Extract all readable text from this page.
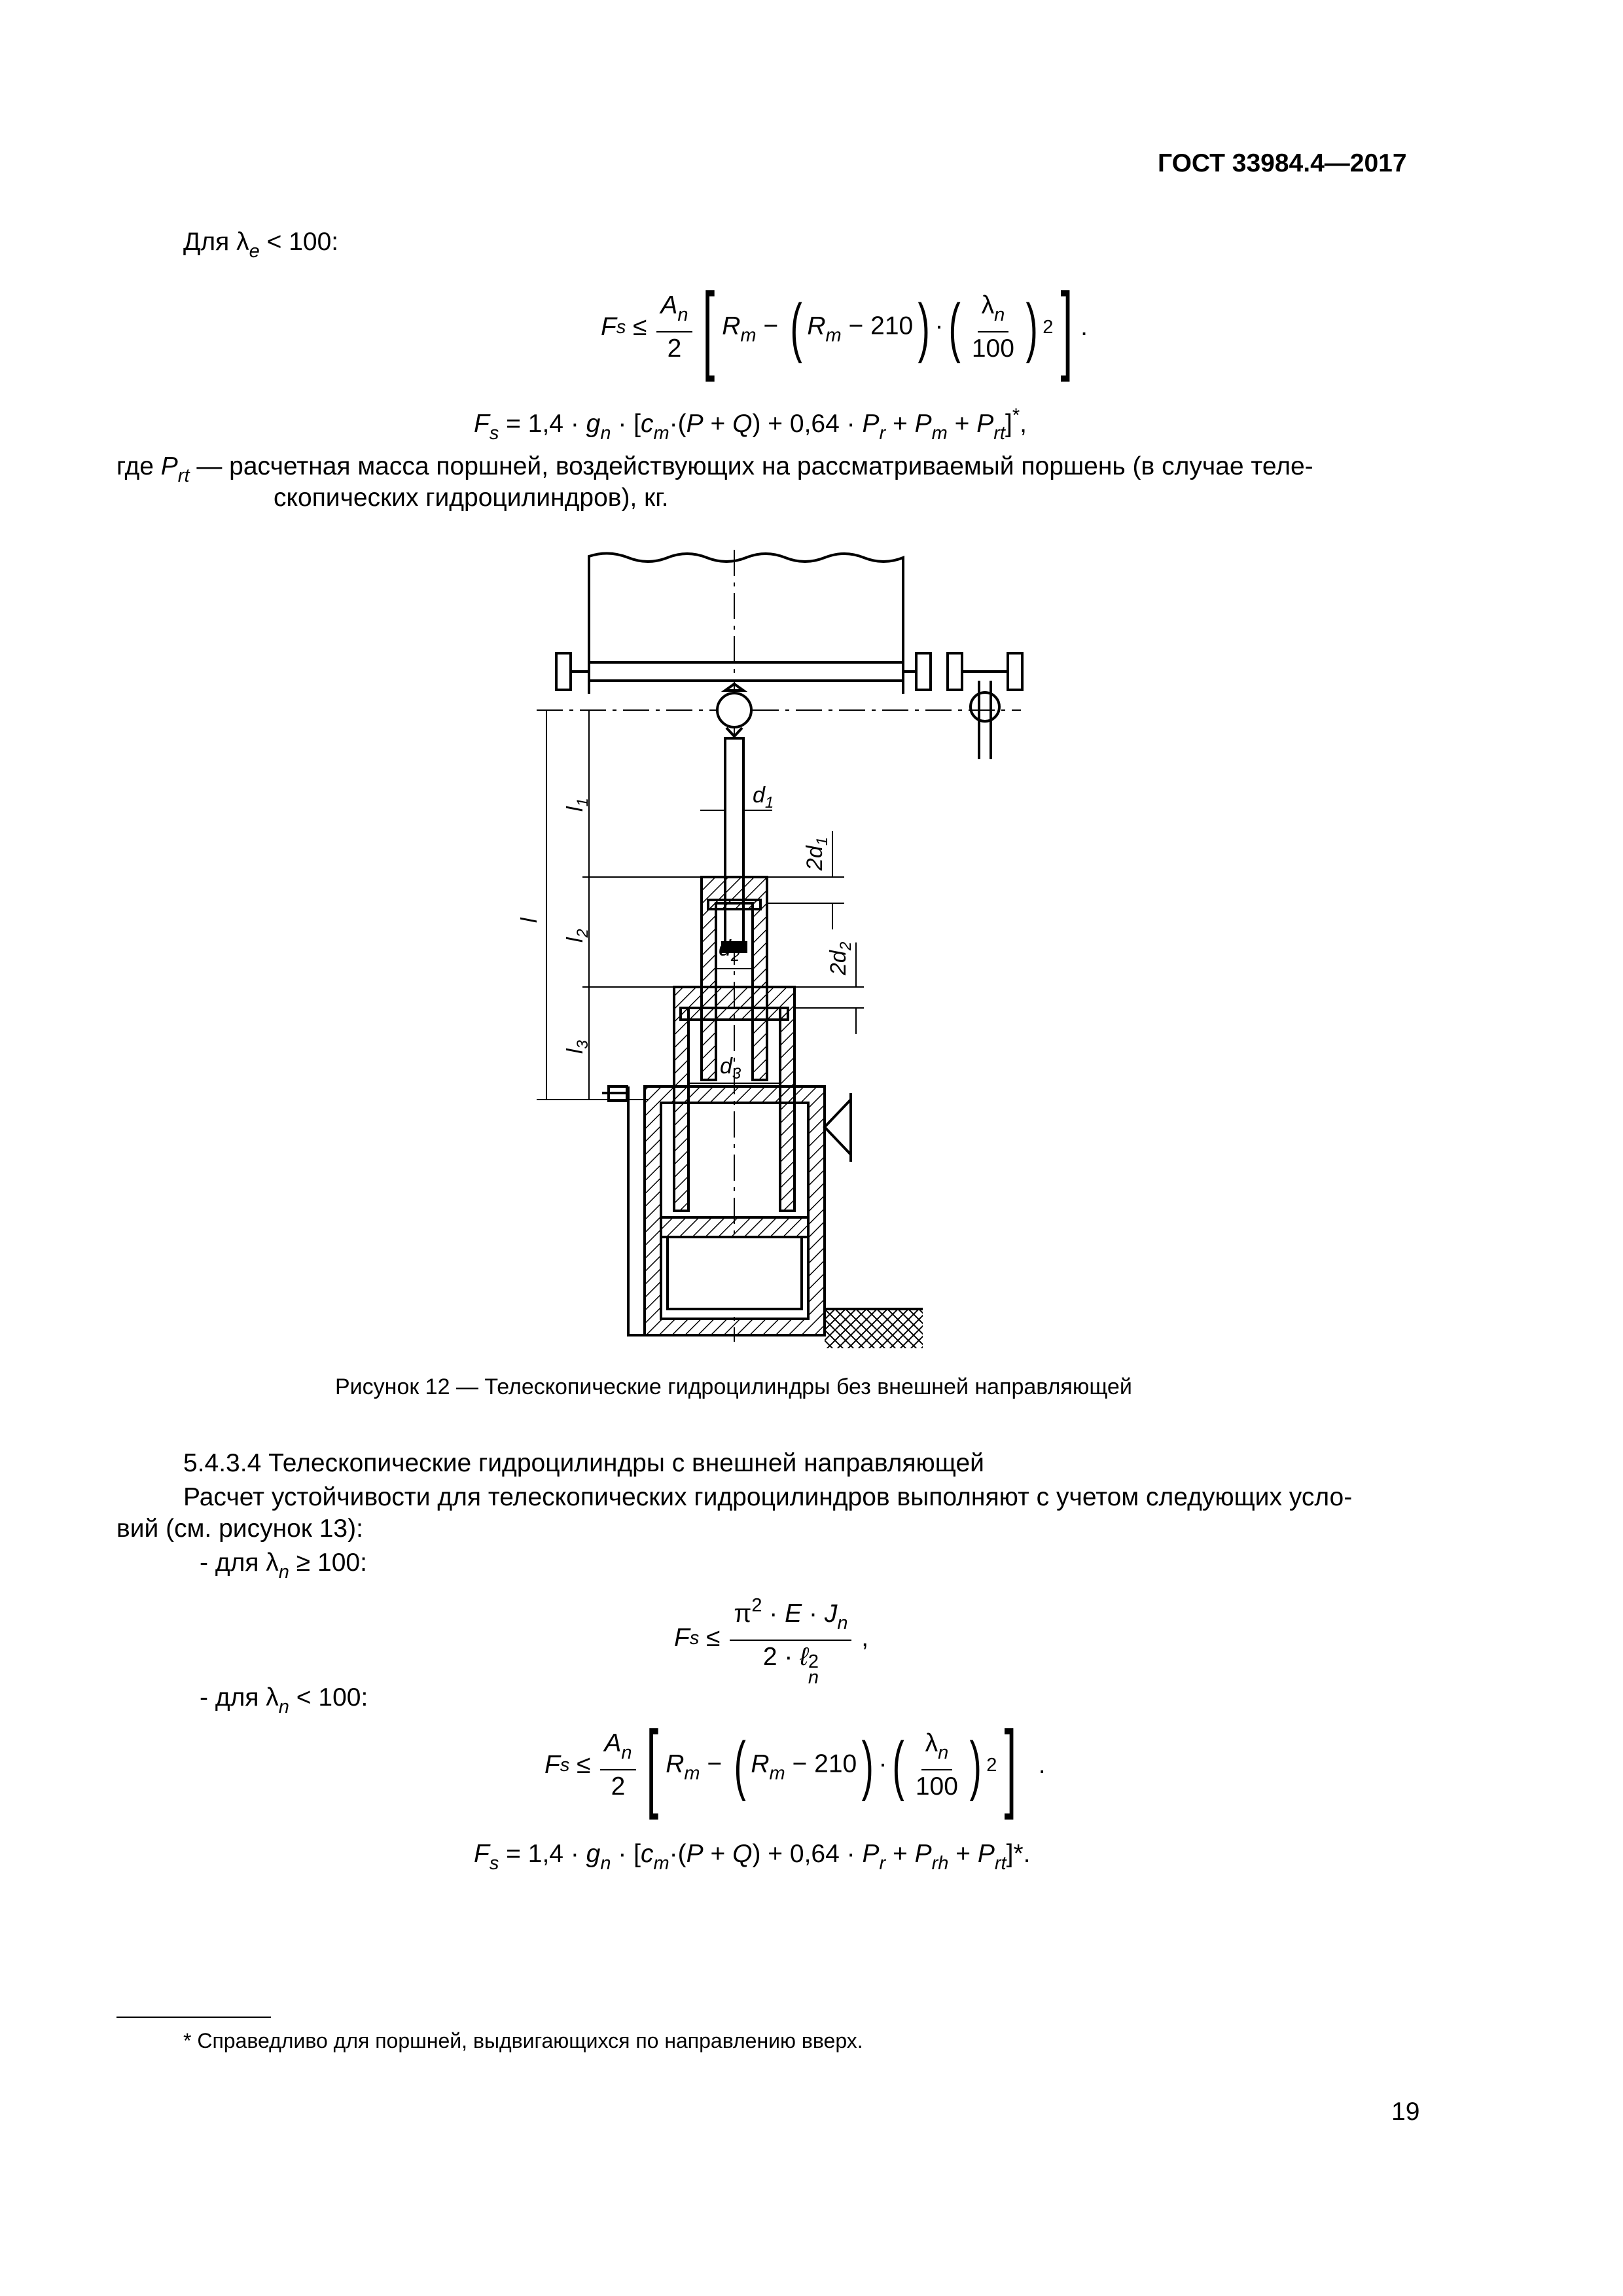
ГОСТ 33984.4—2017
Для $\lambda_e < 100$:
F $s \le \frac{A_n}{2}$ [ $R_m$ − ( $R_m - 210$) · ( $\frac{\lambda_n}{100}$ ) 2 ] .
$F_s = 1,4 \cdot g_n \cdot [c_m\cdot(P + Q) + 0,64 \cdot P_r + P_m + P_{rt}]^*$,
где $P_{rt}$ — расчетная масса поршней, воздействующих на рассматриваемый поршень (в случае теле-
скопических гидроцилиндров), кг.
$d_1$
$d_2$
$d_3$
$2d_1$
$2d_2$
l
$l_1$
$l_2$
$l_3$
Рисунок 12 — Телескопические гидроцилиндры без внешней направляющей
5.4.3.4 Телескопические гидроцилиндры с внешней направляющей
Расчет устойчивости для телескопических гидроцилиндров выполняют с учетом следующих усло-
вий (см. рисунок 13):
- для $\lambda_n \ge 100$:
F $s \le \pi^2 \cdot E \cdot J_n$
2 · ℓ 2
n ,
- для $\lambda_n < 100$:
F $s \le \frac{A_n}{2}$ [ $R_m$ − ( $R_m - 210$) · ( $\frac{\lambda_n}{100}$ ) 2 ] .
$F_s = 1,4 \cdot g_n \cdot [c_m\cdot(P + Q) + 0,64 \cdot P_r + P_{rh} + P_{rt}]*$.
* Справедливо для поршней, выдвигающихся по направлению вверх.
19
